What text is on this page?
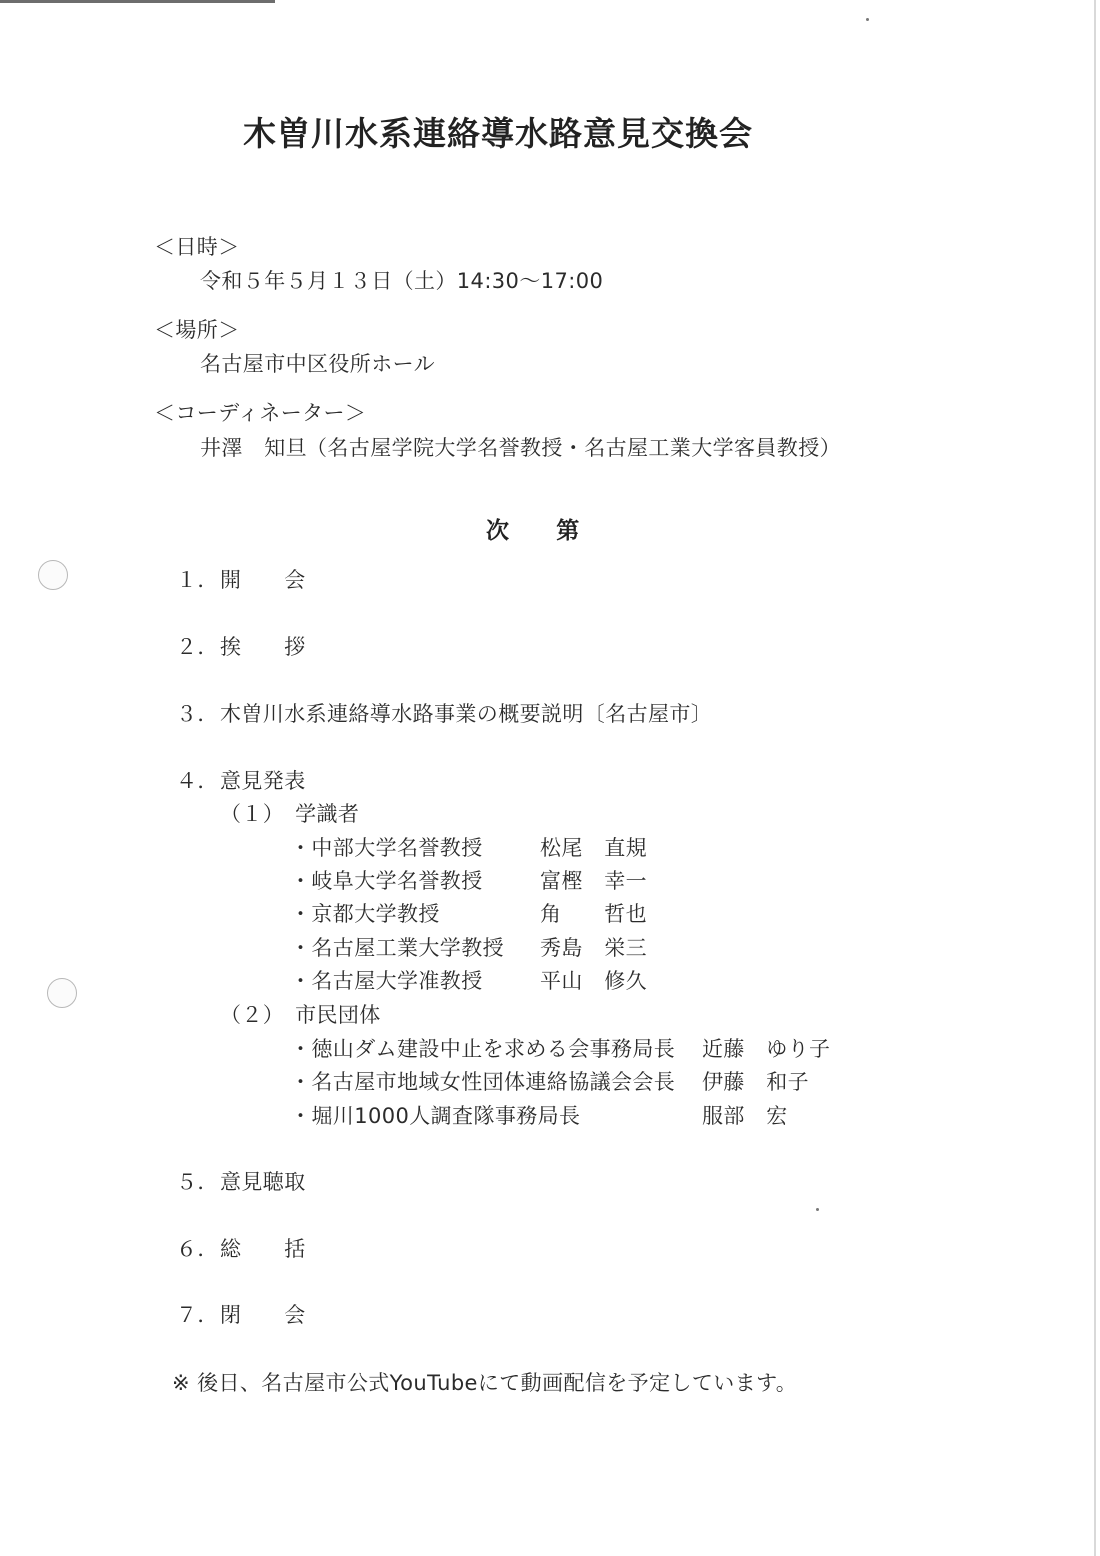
木曽川水系連絡導水路意見交換会
＜日時＞
令和５年５月１３日（土）14:30～17:00
＜場所＞
名古屋市中区役所ホール
＜コーディネーター＞
井澤　知旦 （名古屋学院大学名誉教授・名古屋工業大学客員教授）
次　　第
１． 開　　会
２． 挨　　拶
３． 木曽川水系連絡導水路事業の概要説明〔名古屋市〕
４． 意見発表
（１）　学識者
・中部大学名誉教授	松尾　直規
・岐阜大学名誉教授	富樫　幸一
・京都大学教授	角　　哲也
・名古屋工業大学教授 秀島　栄三
・名古屋大学准教授	平山　修久
（２）　市民団体
・徳山ダム建設中止を求める会事務局長 近藤　ゆり子
・名古屋市地域女性団体連絡協議会会長 伊藤　和子
・堀川1000人調査隊事務局長	服部　宏
５． 意見聴取
６． 総　　括
７． 閉　　会
※ 後日、名古屋市公式YouTubeにて動画配信を予定しています。
